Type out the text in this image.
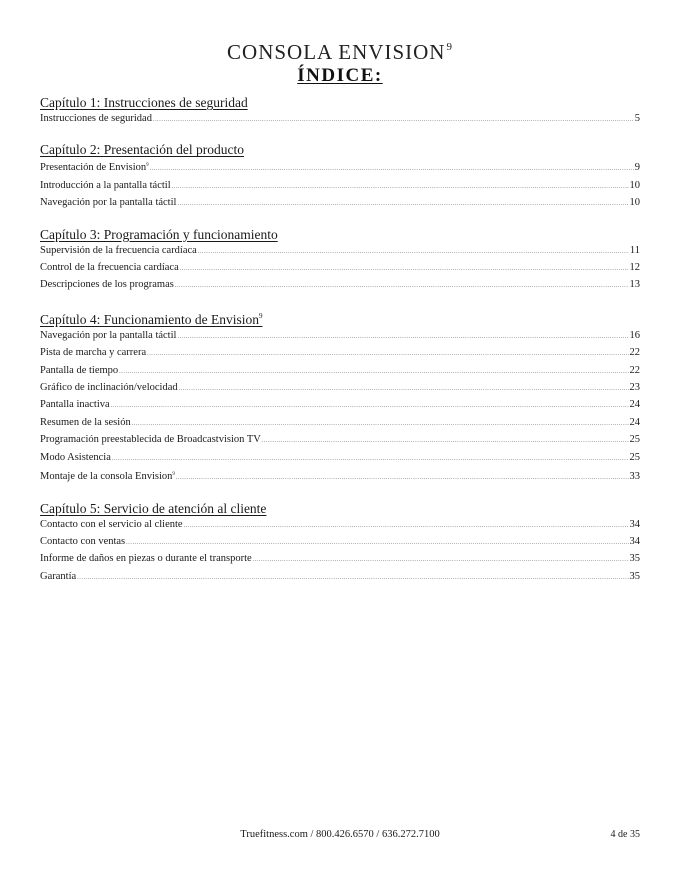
CONSOLA ENVISION$^9$
ÍNDICE:
Capítulo 1: Instrucciones de seguridad
Instrucciones de seguridad .....	5
Capítulo 2: Presentación del producto
Presentación de Envision$^9$ .....	9
Introducción a la pantalla táctil .....	10
Navegación por la pantalla táctil .....	10
Capítulo 3: Programación y funcionamiento
Supervisión de la frecuencia cardíaca .....	11
Control de la frecuencia cardíaca .....	12
Descripciones de los programas .....	13
Capítulo 4: Funcionamiento de Envision$^9$
Navegación por la pantalla táctil .....	16
Pista de marcha y carrera .....	22
Pantalla de tiempo .....	22
Gráfico de inclinación/velocidad .....	23
Pantalla inactiva .....	24
Resumen de la sesión .....	24
Programación preestablecida de Broadcastvision TV .....	25
Modo Asistencia .....	25
Montaje de la consola Envision$^9$ .....	33
Capítulo 5: Servicio de atención al cliente
Contacto con el servicio al cliente .....	34
Contacto con ventas .....	34
Informe de daños en piezas o durante el transporte .....	35
Garantía .....	35
Truefitness.com / 800.426.6570 / 636.272.7100	4 de 35
